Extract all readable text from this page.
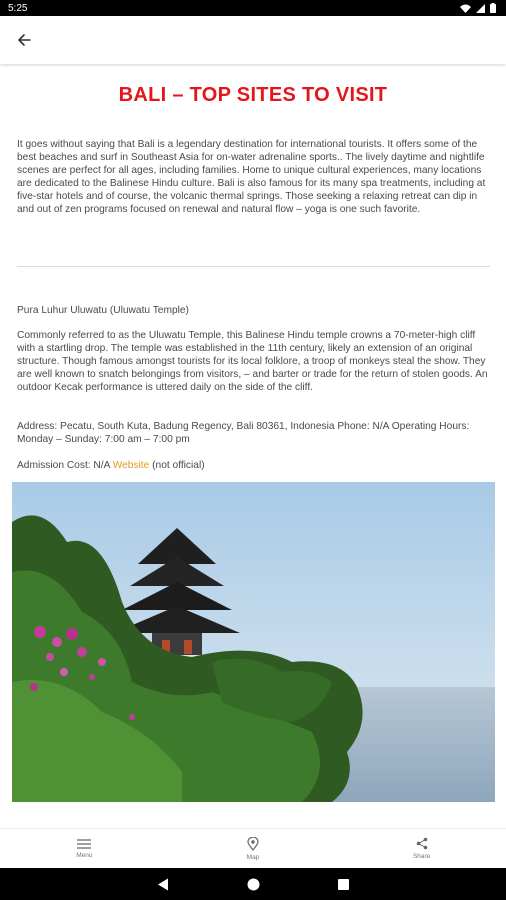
5:25
BALI – TOP SITES TO VISIT

It goes without saying that Bali is a legendary destination for international tourists. It offers some of the best beaches and surf in Southeast Asia for on-water adrenaline sports.. The lively daytime and nightlife scenes are perfect for all ages, including families. Home to unique cultural experiences, many locations are dedicated to the Balinese Hindu culture. Bali is also famous for its many spa treatments, including at five-star hotels and of course, the volcanic thermal springs. Those seeking a relaxing retreat can dip in and out of zen programs focused on renewal and natural flow – yoga is one such favorite.

Pura Luhur Uluwatu (Uluwatu Temple)

Commonly referred to as the Uluwatu Temple, this Balinese Hindu temple crowns a 70-meter-high cliff with a startling drop. The temple was established in the 11th century, likely an extension of an original structure. Though famous amongst tourists for its local folklore, a troop of monkeys steal the show. They are well known to snatch belongings from visitors, – and barter or trade for the return of stolen goods. An outdoor Kecak performance is uttered daily on the side of the cliff.

Address: Pecatu, South Kuta, Badung Regency, Bali 80361, Indonesia Phone: N/A Operating Hours: Monday – Sunday: 7:00 am – 7:00 pm

Admission Cost: N/A Website (not official)

Menu	Map	Share
